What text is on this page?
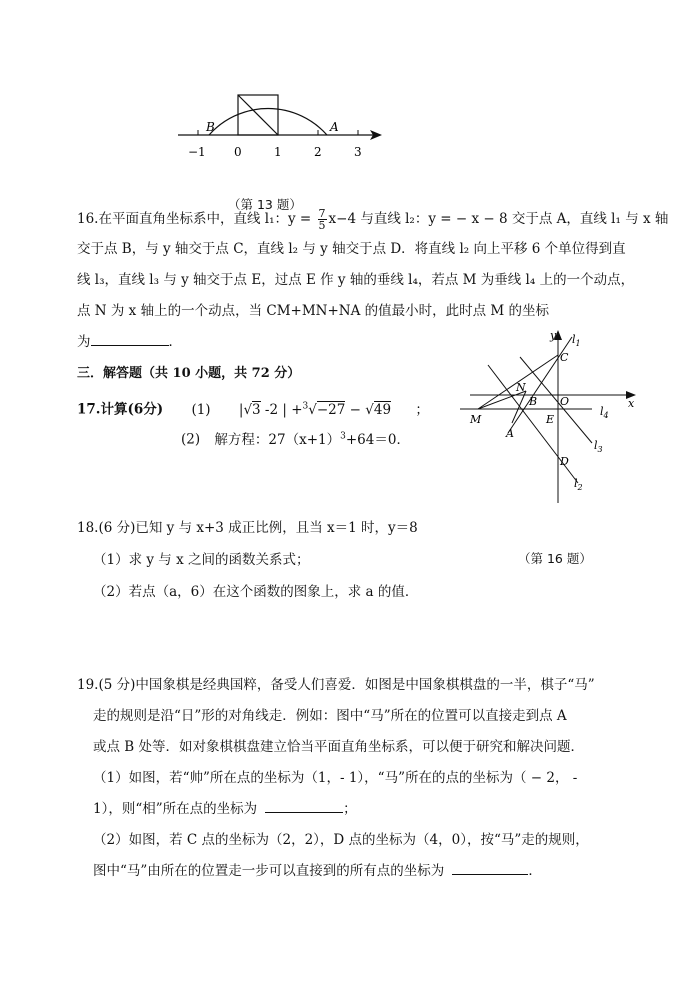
B	A
−1 0	1	2	3
（第 13 题）
16.在平面直角坐标系中，直线 l₁：$y = \frac{7}{5} x-4$ 与直线 l₂：y = − x − 8 交于点 A，直线 l₁ 与 x 轴
交于点 B，与 y 轴交于点 C，直线 l₂ 与 y 轴交于点 D．将直线 l₂ 向上平移 6 个单位得到直
线 l₃，直线 l₃ 与 y 轴交于点 E，过点 E 作 y 轴的垂线 l₄，若点 M 为垂线 l₄ 上的一个动点，
点 N 为 x 轴上的一个动点，当 CM+MN+NA 的值最小时，此时点 M 的坐标
为	．	y $l_1$
C
N
B O	x
M	E
$l_4$
A
$l_3$
D
$l_2$
三．解答题（共 10 小题，共 72 分）
17.计算(6分) (1) |√3 -2 | +$^3$√−27 − √49 ；
(2) 解方程：$27(x+1)^3+64=0$．
18.(6 分)已知 y 与 x+3 成正比例，且当 x＝1 时，y＝8
（第 16 题）
（1）求 y 与 x 之间的函数关系式；
（2）若点（a，6）在这个函数的图象上，求 a 的值．
19.(5 分)中国象棋是经典国粹，备受人们喜爱．如图是中国象棋棋盘的一半，棋子“马”
走的规则是沿“日”形的对角线走．例如：图中“马”所在的位置可以直接走到点 A
或点 B 处等．如对象棋棋盘建立恰当平面直角坐标系，可以便于研究和解决问题．
（1）如图，若“帅”所在点的坐标为（1，- 1），“马”所在的点的坐标为（ − 2， -
1），则“相”所在点的坐标为	；
（2）如图，若 C 点的坐标为（2，2），D 点的坐标为（4，0），按“马”走的规则，
图中“马”由所在的位置走一步可以直接到的所有点的坐标为	．
